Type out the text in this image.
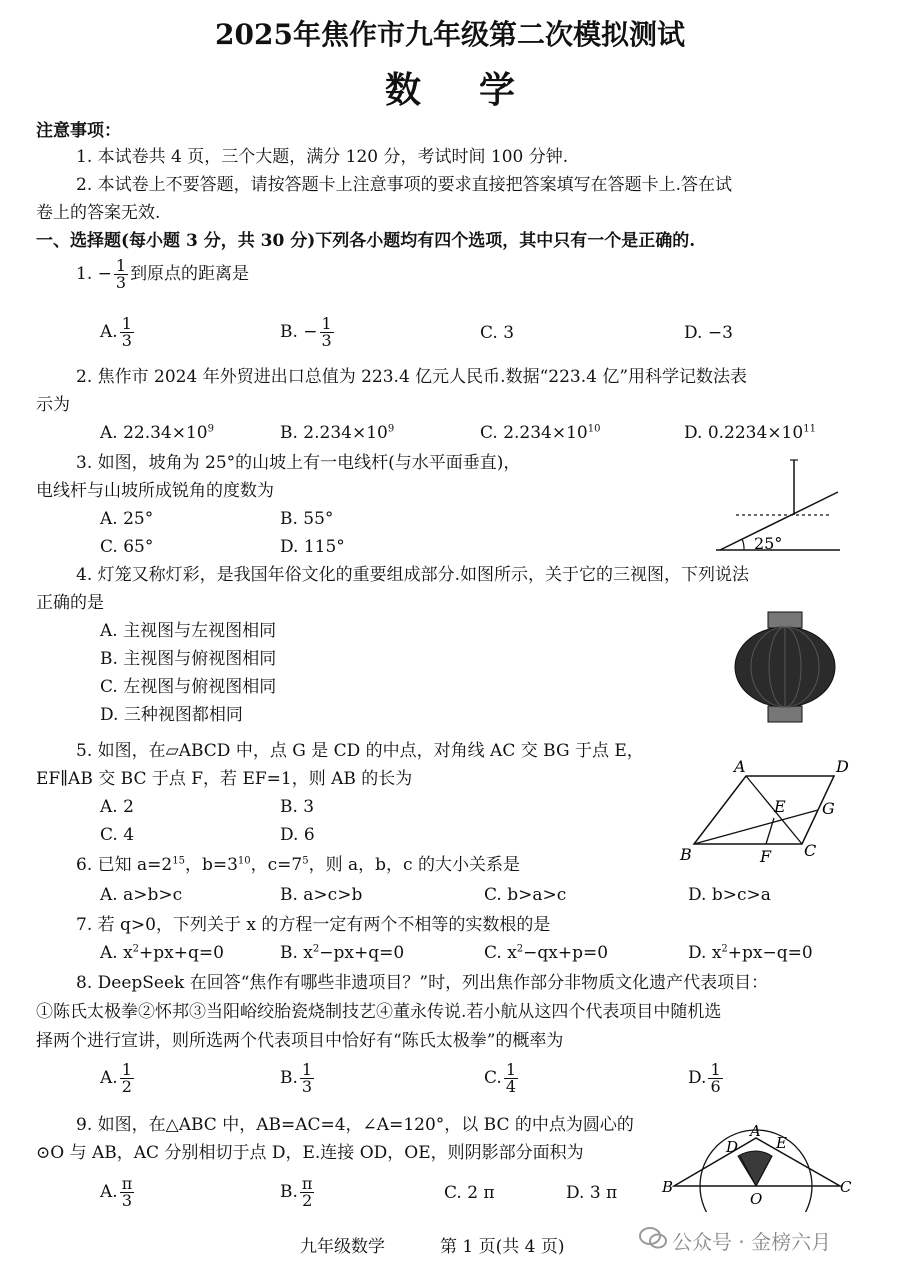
2025年焦作市九年级第二次模拟测试
数学
注意事项：
1. 本试卷共 4 页，三个大题，满分 120 分，考试时间 100 分钟.
2. 本试卷上不要答题，请按答题卡上注意事项的要求直接把答案填写在答题卡上.答在试
卷上的答案无效.
一、选择题(每小题 3 分，共 30 分)下列各小题均有四个选项，其中只有一个是正确的.
1. − $\frac{1}{3}$ 到原点的距离是
A. $\frac{1}{3}$	B. − $\frac{1}{3}$	C. 3	D. −3
2. 焦作市 2024 年外贸进出口总值为 223.4 亿元人民币.数据“223.4 亿”用科学记数法表
示为
A. $22.34\times 10^9$	B. $2.234\times 10^9$	C. $2.234\times 10^{10}$	D. $0.2234\times 10^{11}$
3. 如图，坡角为 25°的山坡上有一电线杆(与水平面垂直)，
电线杆与山坡所成锐角的度数为
A. 25°	B. 55°
C. 65°	D. 115°	25°
4. 灯笼又称灯彩，是我国年俗文化的重要组成部分.如图所示，关于它的三视图，下列说法
正确的是
A. 主视图与左视图相同
B. 主视图与俯视图相同
C. 左视图与俯视图相同
D. 三种视图都相同
5. 如图，在▱ABCD 中，点 G 是 CD 的中点，对角线 AC 交 BG 于点 E，
EF∥AB 交 BC 于点 F，若 EF=1，则 AB 的长为
A. 2	B. 3
C. 4	D. 6
A	D
G
E
B	F C
6. 已知 $a=2^{15}$，$b=3^{10}$，$c=7^5$，则 a，b，c 的大小关系是
A. a>b>c	B. a>c>b	C. b>a>c	D. b>c>a
7. 若 q>0，下列关于 x 的方程一定有两个不相等的实数根的是
A. $x^2+px+q=0$	B. $x^2-px+q=0$	C. $x^2-qx+p=0$	D. $x^2+px-q=0$
8. DeepSeek 在回答“焦作有哪些非遗项目？”时，列出焦作部分非物质文化遗产代表项目：
①陈氏太极拳②怀邦③当阳峪绞胎瓷烧制技艺④董永传说.若小航从这四个代表项目中随机选
择两个进行宣讲，则所选两个代表项目中恰好有“陈氏太极拳”的概率为
A. $\frac{1}{2}$	B. $\frac{1}{3}$	C. $\frac{1}{4}$	D. $\frac{1}{6}$
9. 如图，在△ABC 中，AB=AC=4，∠A=120°，以 BC 的中点为圆心的
⊙O 与 AB，AC 分别相切于点 D，E.连接 OD，OE，则阴影部分面积为
A. $\frac{\pi}{3}$	B. $\frac{\pi}{2}$	C. 2 π	D. 3 π
A
D	E
B	C
O
九年级数学	第 1 页(共 4 页)	公众号 · 金榜六月
